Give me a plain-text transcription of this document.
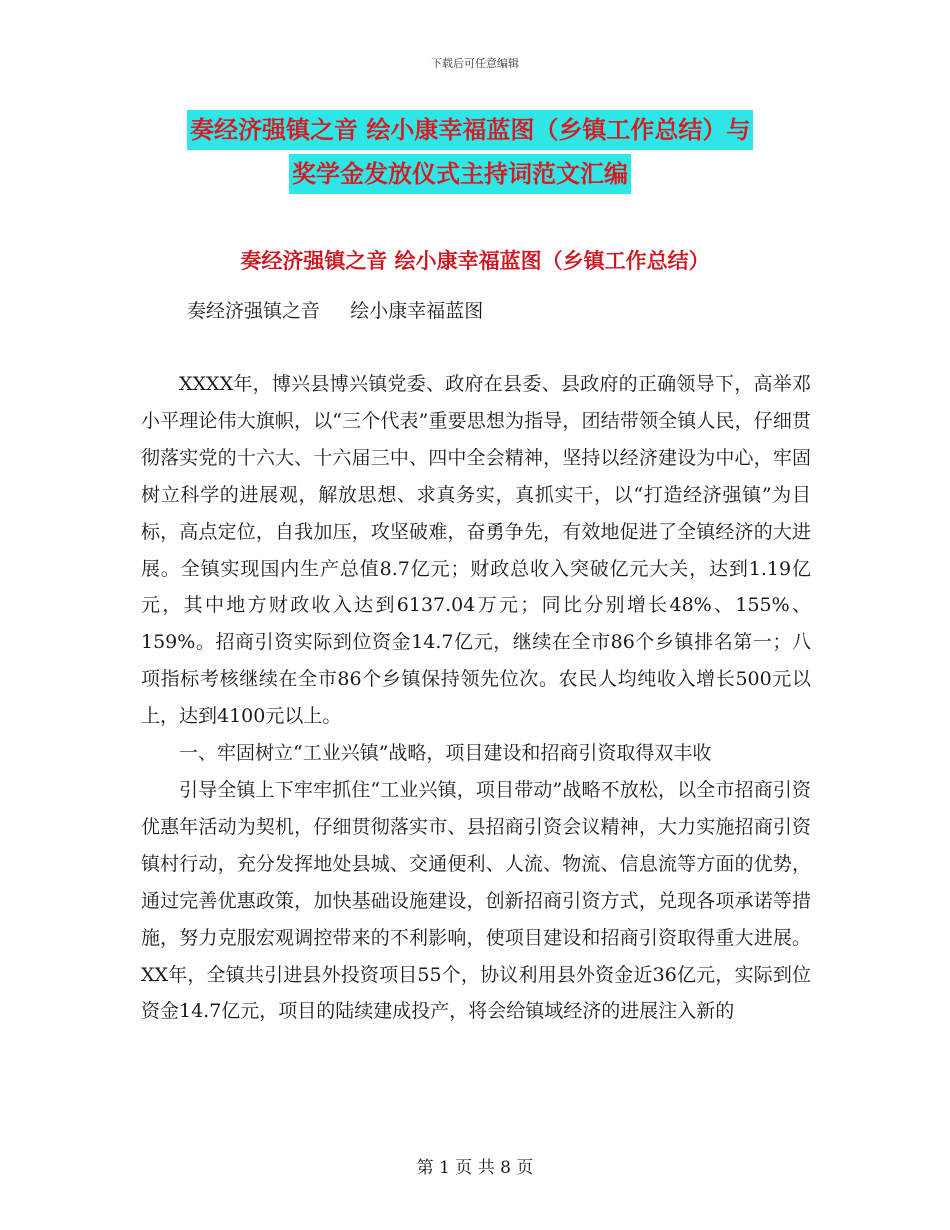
下载后可任意编辑
奏经济强镇之音 绘小康幸福蓝图（乡镇工作总结）与
奖学金发放仪式主持词范文汇编
奏经济强镇之音 绘小康幸福蓝图（乡镇工作总结）
奏经济强镇之音     绘小康幸福蓝图

XXXX年，博兴县博兴镇党委、政府在县委、县政府的正确领导下，高举邓小平理论伟大旗帜，以“三个代表”重要思想为指导，团结带领全镇人民，仔细贯彻落实党的十六大、十六届三中、四中全会精神，坚持以经济建设为中心，牢固树立科学的进展观，解放思想、求真务实，真抓实干，以“打造经济强镇”为目标，高点定位，自我加压，攻坚破难，奋勇争先，有效地促进了全镇经济的大进展。全镇实现国内生产总值8.7亿元；财政总收入突破亿元大关，达到1.19亿元，其中地方财政收入达到6137.04万元；同比分别增长48%、155%、159%。招商引资实际到位资金14.7亿元，继续在全市86个乡镇排名第一；八项指标考核继续在全市86个乡镇保持领先位次。农民人均纯收入增长500元以上，达到4100元以上。

一、牢固树立“工业兴镇”战略，项目建设和招商引资取得双丰收

引导全镇上下牢牢抓住“工业兴镇，项目带动”战略不放松，以全市招商引资优惠年活动为契机，仔细贯彻落实市、县招商引资会议精神，大力实施招商引资镇村行动，充分发挥地处县城、交通便利、人流、物流、信息流等方面的优势，通过完善优惠政策，加快基础设施建设，创新招商引资方式，兑现各项承诺等措施，努力克服宏观调控带来的不利影响，使项目建设和招商引资取得重大进展。XX年，全镇共引进县外投资项目55个，协议利用县外资金近36亿元，实际到位资金14.7亿元，项目的陆续建成投产，将会给镇域经济的进展注入新的

第 1 页 共 8 页
